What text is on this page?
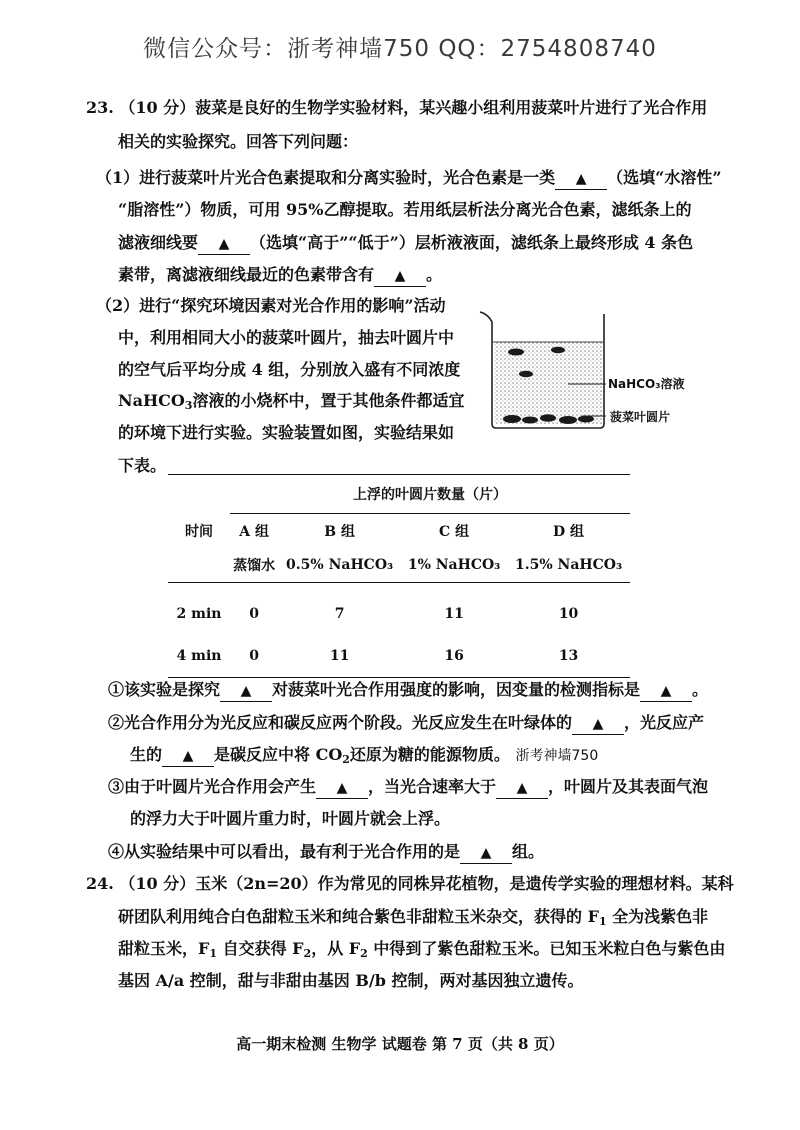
微信公众号：浙考神墙750 QQ：2754808740
23. （10 分）菠菜是良好的生物学实验材料，某兴趣小组利用菠菜叶片进行了光合作用
相关的实验探究。回答下列问题：
（1）进行菠菜叶片光合色素提取和分离实验时，光合色素是一类 ▲ （选填“水溶性”
“脂溶性”）物质，可用 95%乙醇提取。若用纸层析法分离光合色素，滤纸条上的
滤液细线要 ▲ （选填“高于”“低于”）层析液液面，滤纸条上最终形成 4 条色
素带，离滤液细线最近的色素带含有 ▲ 。
（2）进行“探究环境因素对光合作用的影响”活动
中，利用相同大小的菠菜叶圆片，抽去叶圆片中
的空气后平均分成 4 组，分别放入盛有不同浓度
NaHCO$_3$溶液的小烧杯中，置于其他条件都适宜
的环境下进行实验。实验装置如图，实验结果如
下表。
NaHCO₃溶液
菠菜叶圆片
	上浮的叶圆片数量（片）			
时间	A 组	B 组	C 组	D 组
	蒸馏水	0.5% NaHCO₃	1% NaHCO₃	1.5% NaHCO₃

2 min	0	7	11	10
4 min	0	11	16	13
①该实验是探究 ▲ 对菠菜叶光合作用强度的影响，因变量的检测指标是 ▲ 。
②光合作用分为光反应和碳反应两个阶段。光反应发生在叶绿体的 ▲ ，光反应产
生的 ▲ 是碳反应中将 $CO_2$还原为糖的能源物质。 浙考神墙750
③由于叶圆片光合作用会产生 ▲ ，当光合速率大于 ▲ ，叶圆片及其表面气泡
的浮力大于叶圆片重力时，叶圆片就会上浮。
④从实验结果中可以看出，最有利于光合作用的是 ▲ 组。
24. （10 分）玉米（2n=20）作为常见的同株异花植物，是遗传学实验的理想材料。某科
研团队利用纯合白色甜粒玉米和纯合紫色非甜粒玉米杂交，获得的 $F_1$ 全为浅紫色非
甜粒玉米，$F_1$ 自交获得 $F_2$，从 $F_2$ 中得到了紫色甜粒玉米。已知玉米粒白色与紫色由
基因 A/a 控制，甜与非甜由基因 B/b 控制，两对基因独立遗传。
高一期末检测 生物学 试题卷 第 7 页（共 8 页）
